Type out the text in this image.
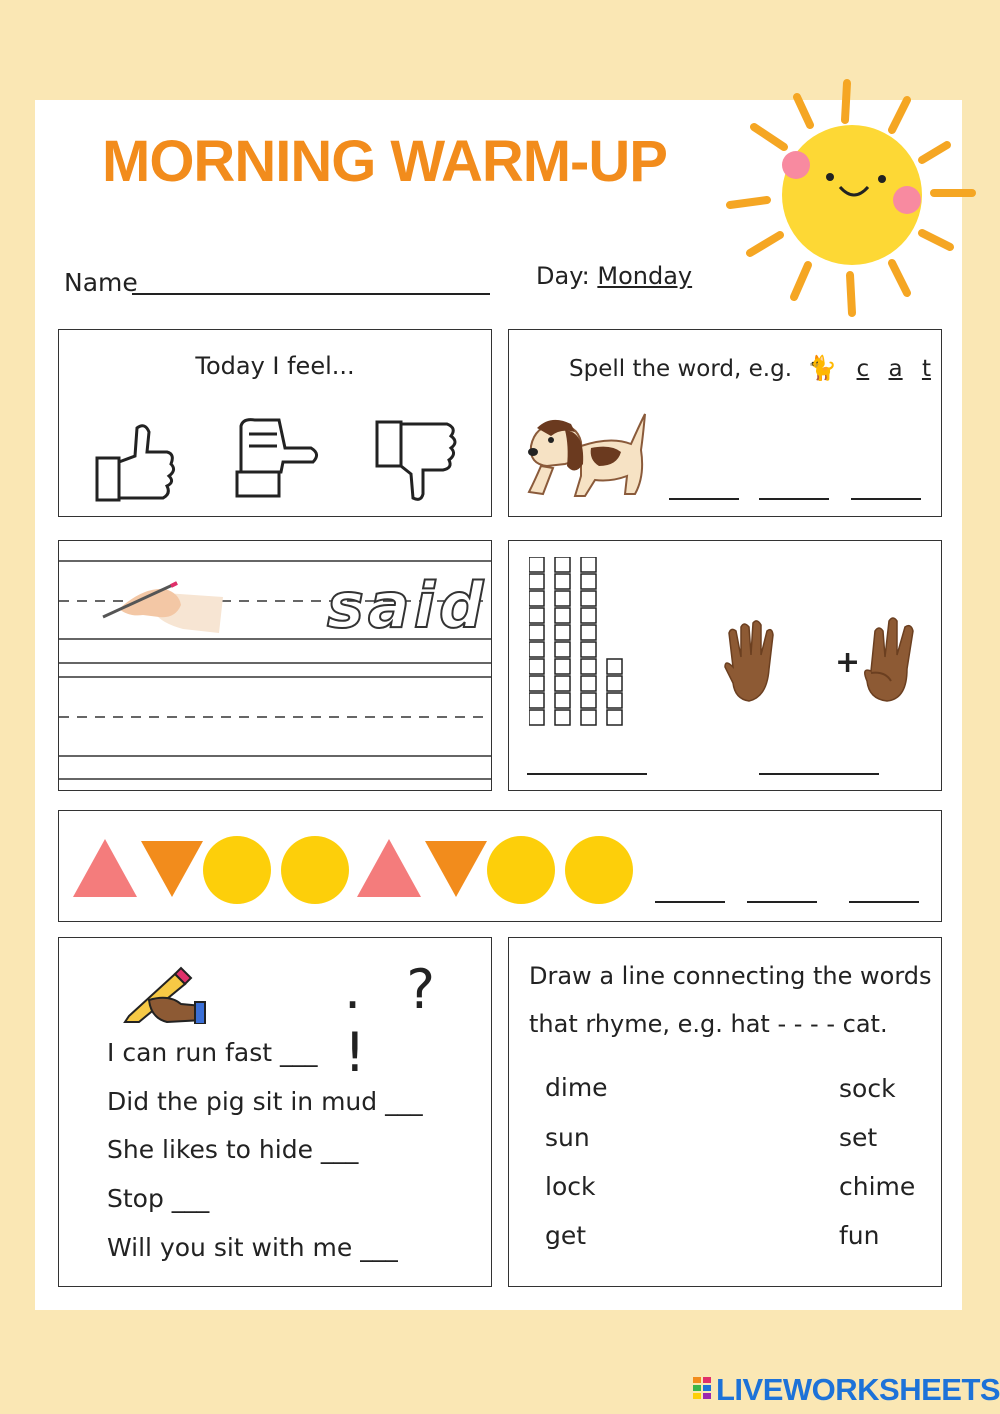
MORNING WARM-UP
Name	Day: Monday
Today I feel...	Spell the word, e.g. 🐈 c a t
said
+
. ? !
I can run fast ___
Did the pig sit in mud ___
She likes to hide ___
Stop ___
Will you sit with me ___
Draw a line connecting the words
that rhyme, e.g. hat - - - - cat.
dime
sun
lock
get
sock
set
chime
fun
LIVEWORKSHEETS
